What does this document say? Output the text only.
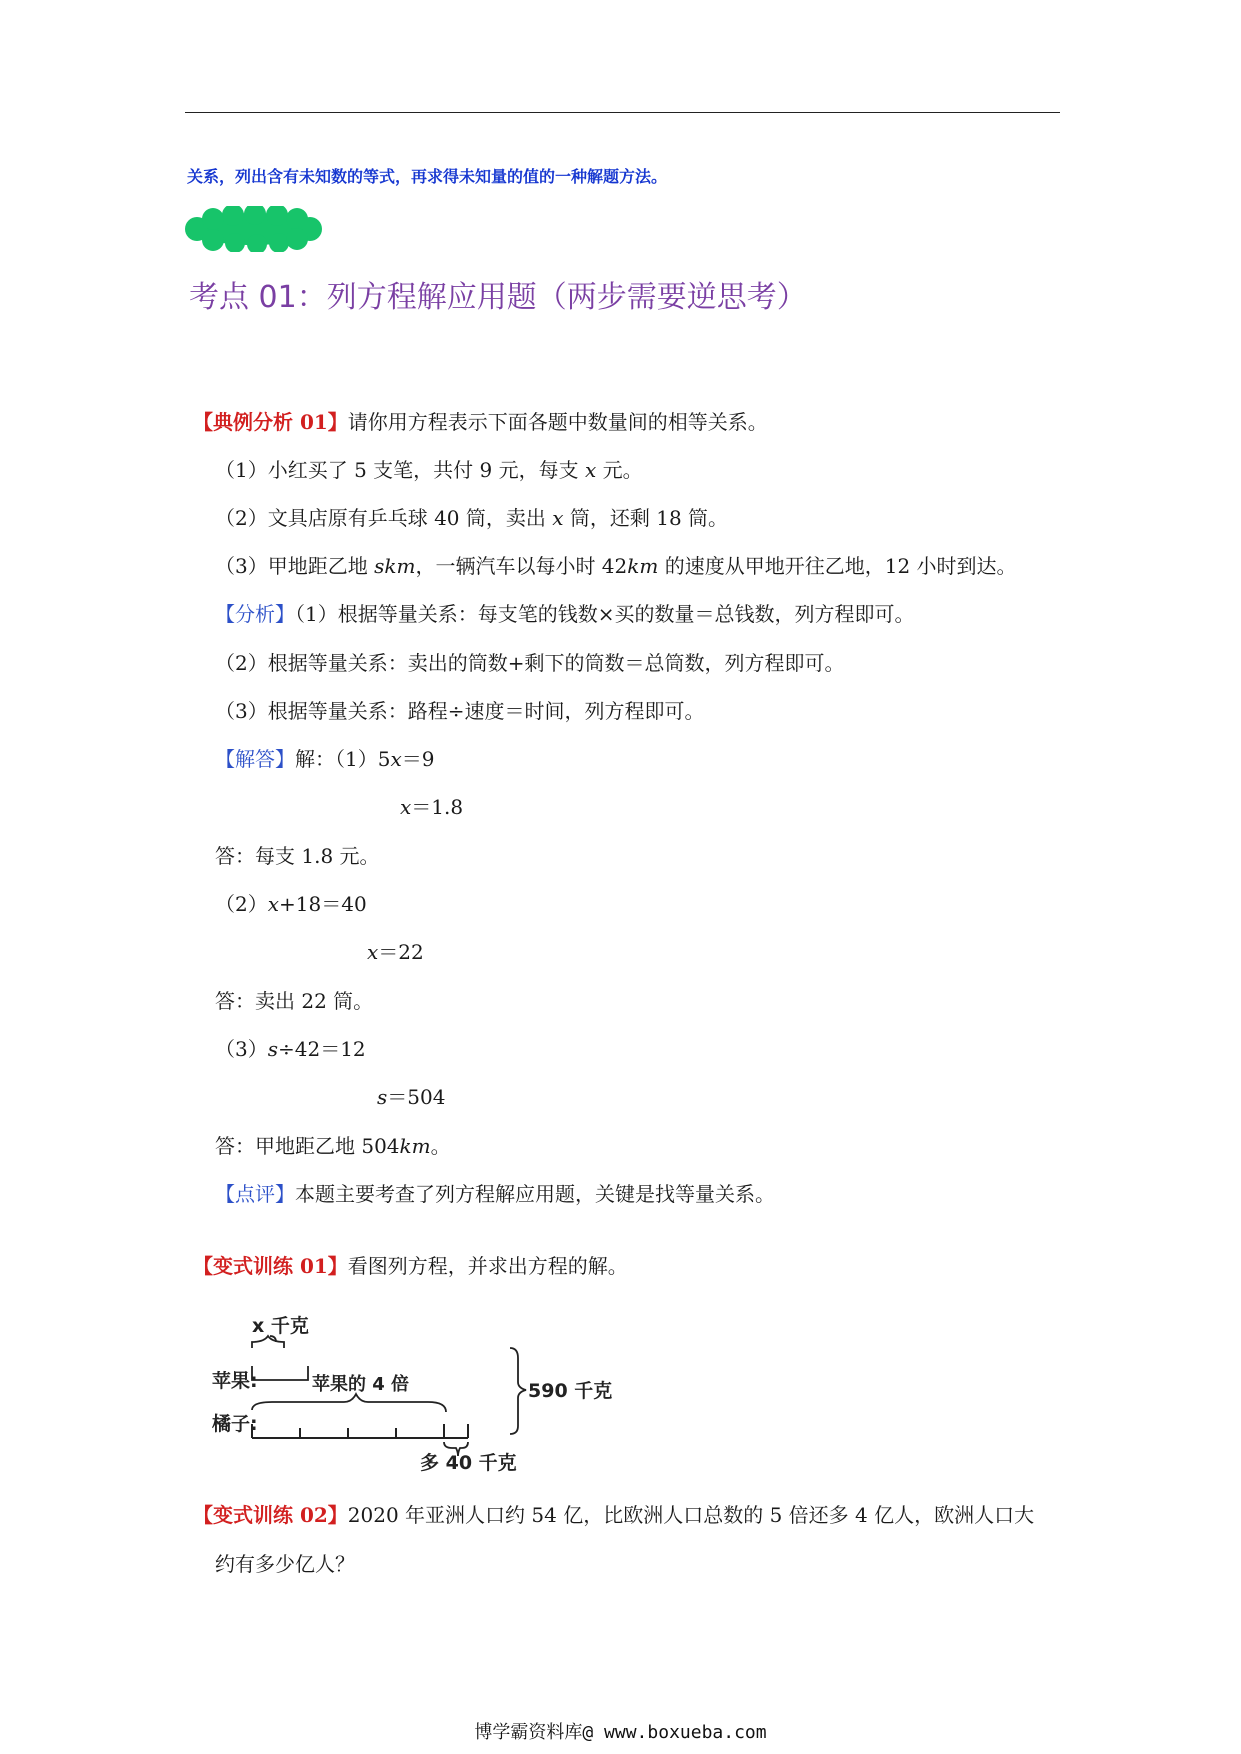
关系，列出含有未知数的等式，再求得未知量的值的一种解题方法。
考点 01：列方程解应用题（两步需要逆思考）
【典例分析 01】请你用方程表示下面各题中数量间的相等关系。
（1）小红买了 5 支笔，共付 9 元，每支 x 元。
（2）文具店原有乒乓球 40 筒，卖出 x 筒，还剩 18 筒。
（3）甲地距乙地 skm，一辆汽车以每小时 42km 的速度从甲地开往乙地，12 小时到达。
【分析】（1）根据等量关系：每支笔的钱数×买的数量＝总钱数，列方程即可。
（2）根据等量关系：卖出的筒数+剩下的筒数＝总筒数，列方程即可。
（3）根据等量关系：路程÷速度＝时间，列方程即可。
【解答】解：（1）5x＝9
x＝1.8
答：每支 1.8 元。
（2）x+18＝40
x＝22
答：卖出 22 筒。
（3）s÷42＝12
s＝504
答：甲地距乙地 504km。
【点评】本题主要考查了列方程解应用题，关键是找等量关系。
【变式训练 01】看图列方程，并求出方程的解。
x 千克
苹果:	苹果的 4 倍
橘子:
多 40 千克
590 千克
【变式训练 02】2020 年亚洲人口约 54 亿，比欧洲人口总数的 5 倍还多 4 亿人，欧洲人口大
约有多少亿人？
博学霸资料库@ www.boxueba.com
